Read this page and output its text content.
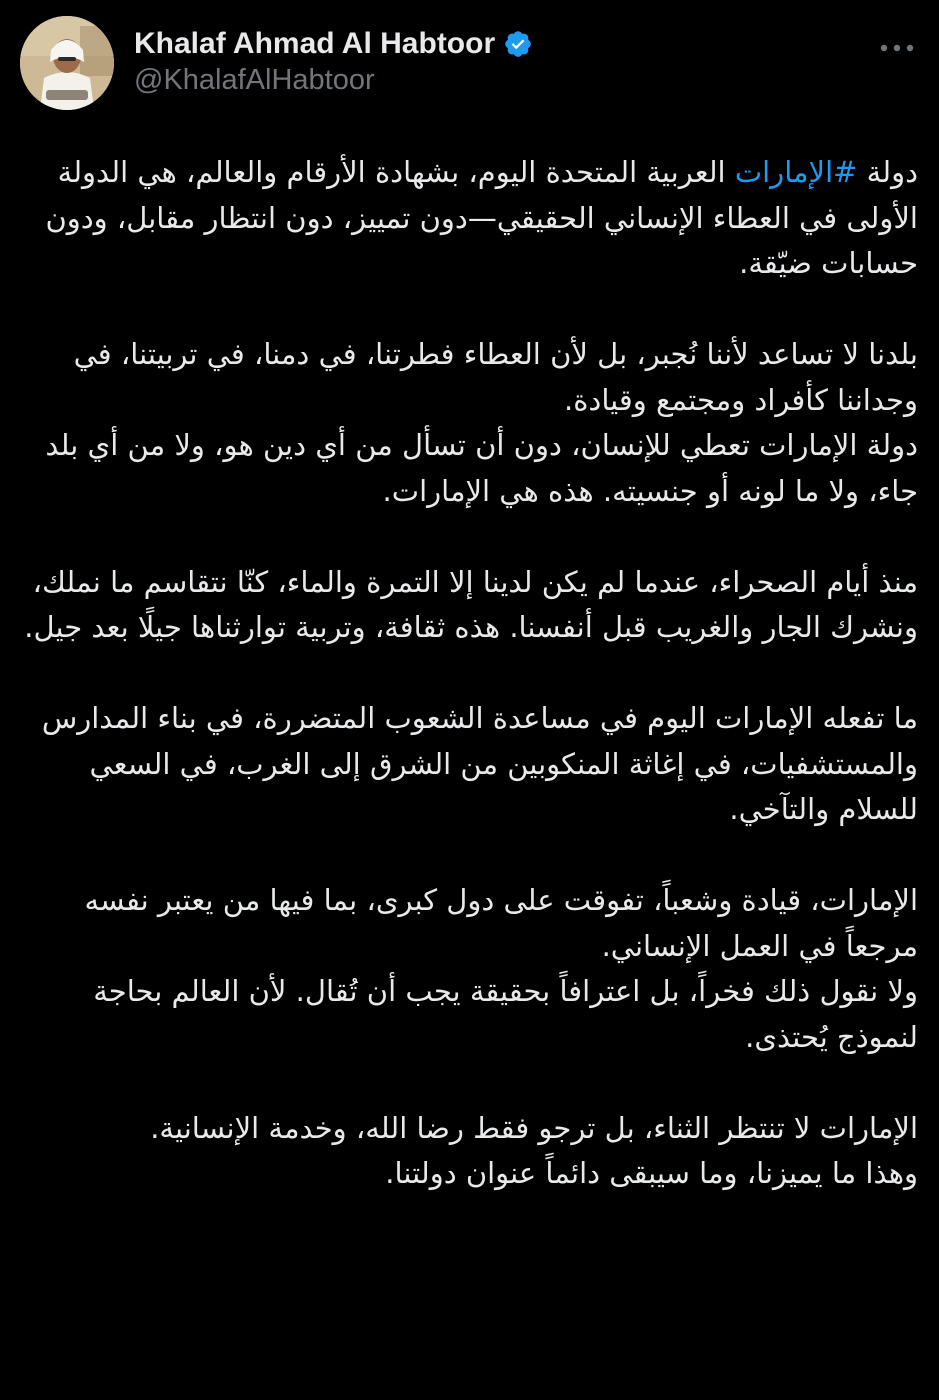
Khalaf Ahmad Al Habtoor
@KhalafAlHabtoor

دولة #الإمارات العربية المتحدة اليوم، بشهادة الأرقام والعالم، هي الدولة الأولى في العطاء الإنساني الحقيقي—دون تمييز، دون انتظار مقابل، ودون حسابات ضيّقة.

بلدنا لا تساعد لأننا نُجبر، بل لأن العطاء فطرتنا، في دمنا، في تربيتنا، في وجداننا كأفراد ومجتمع وقيادة.

دولة الإمارات تعطي للإنسان، دون أن تسأل من أي دين هو، ولا من أي بلد جاء، ولا ما لونه أو جنسيته. هذه هي الإمارات.

منذ أيام الصحراء، عندما لم يكن لدينا إلا التمرة والماء، كنّا نتقاسم ما نملك، ونشرك الجار والغريب قبل أنفسنا. هذه ثقافة، وتربية توارثناها جيلًا بعد جيل.

ما تفعله الإمارات اليوم في مساعدة الشعوب المتضررة، في بناء المدارس والمستشفيات، في إغاثة المنكوبين من الشرق إلى الغرب، في السعي للسلام والتآخي.

الإمارات، قيادة وشعباً، تفوقت على دول كبرى، بما فيها من يعتبر نفسه مرجعاً في العمل الإنساني.

ولا نقول ذلك فخراً، بل اعترافاً بحقيقة يجب أن تُقال. لأن العالم بحاجة لنموذج يُحتذى.

الإمارات لا تنتظر الثناء، بل ترجو فقط رضا الله، وخدمة الإنسانية.

وهذا ما يميزنا، وما سيبقى دائماً عنوان دولتنا.
